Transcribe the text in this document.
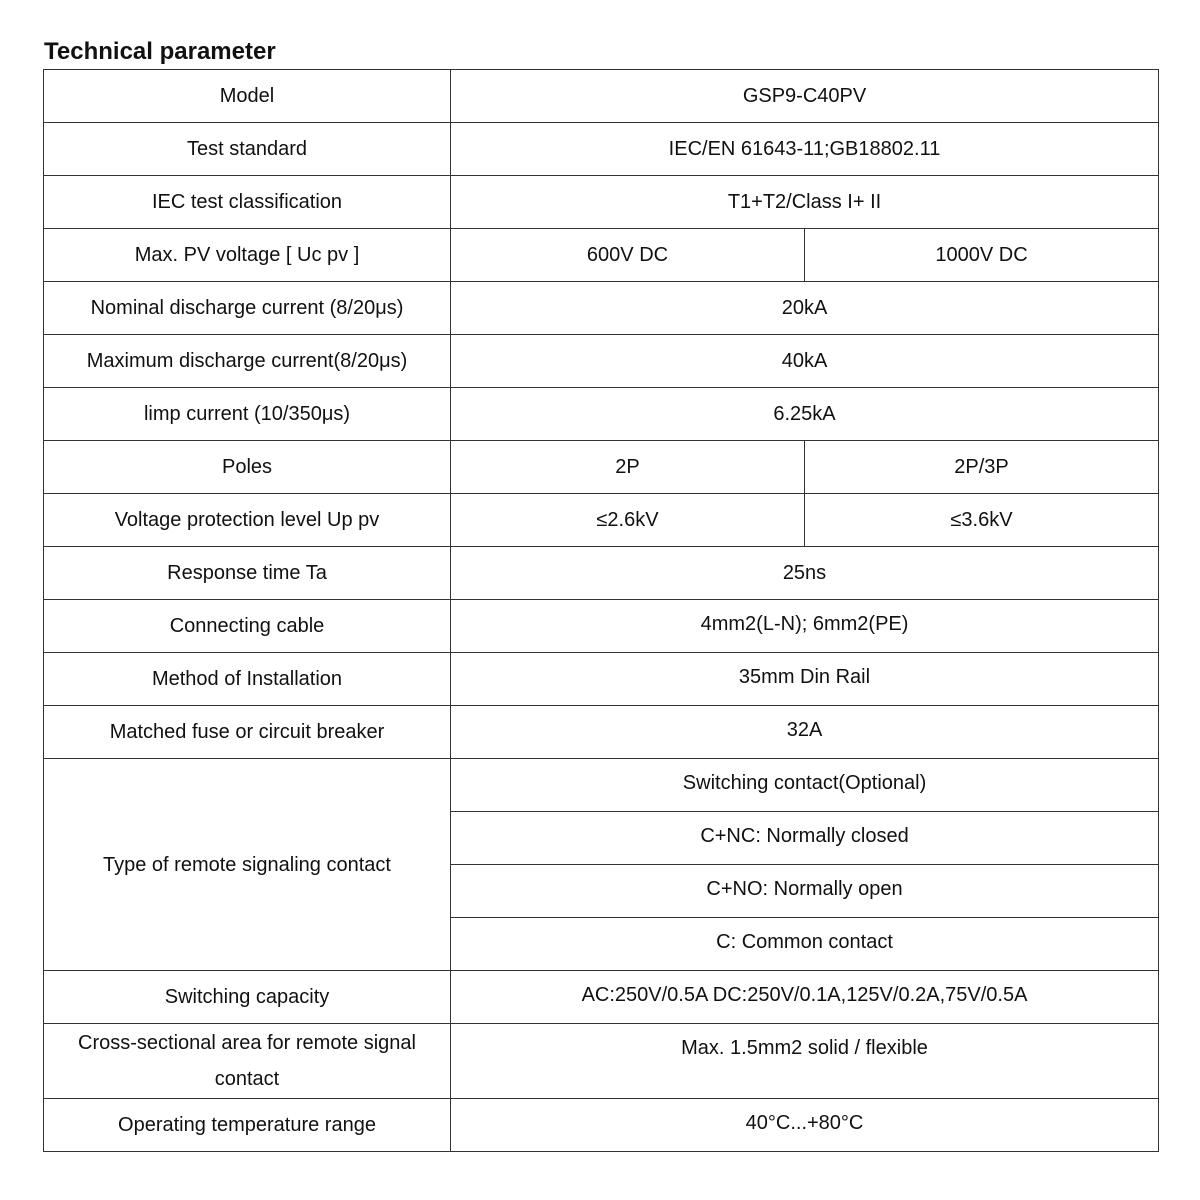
Technical parameter
Model	GSP9-C40PV	
Test standard	IEC/EN 61643-11;GB18802.11	
IEC test classification	T1+T2/Class I+ II	
Max. PV voltage [ Uc pv ]	600V DC	1000V DC
Nominal discharge current (8/20μs)	20kA	
Maximum discharge current(8/20μs)	40kA	
limp current (10/350μs)	6.25kA	
Poles	2P	2P/3P
Voltage protection level Up pv	≤2.6kV	≤3.6kV
Response time Ta	25ns	
Connecting cable	4mm2(L-N); 6mm2(PE)	
Method of Installation	35mm Din Rail	
Matched fuse or circuit breaker	32A	
Type of remote signaling contact	Switching contact(Optional)	
	C+NC: Normally closed	
	C+NO: Normally open	
	C: Common contact	
Switching capacity	AC:250V/0.5A DC:250V/0.1A,125V/0.2A,75V/0.5A	
Cross-sectional area for remote signal contact	Max. 1.5mm2 solid / flexible	
Operating temperature range	40°C...+80°C	
